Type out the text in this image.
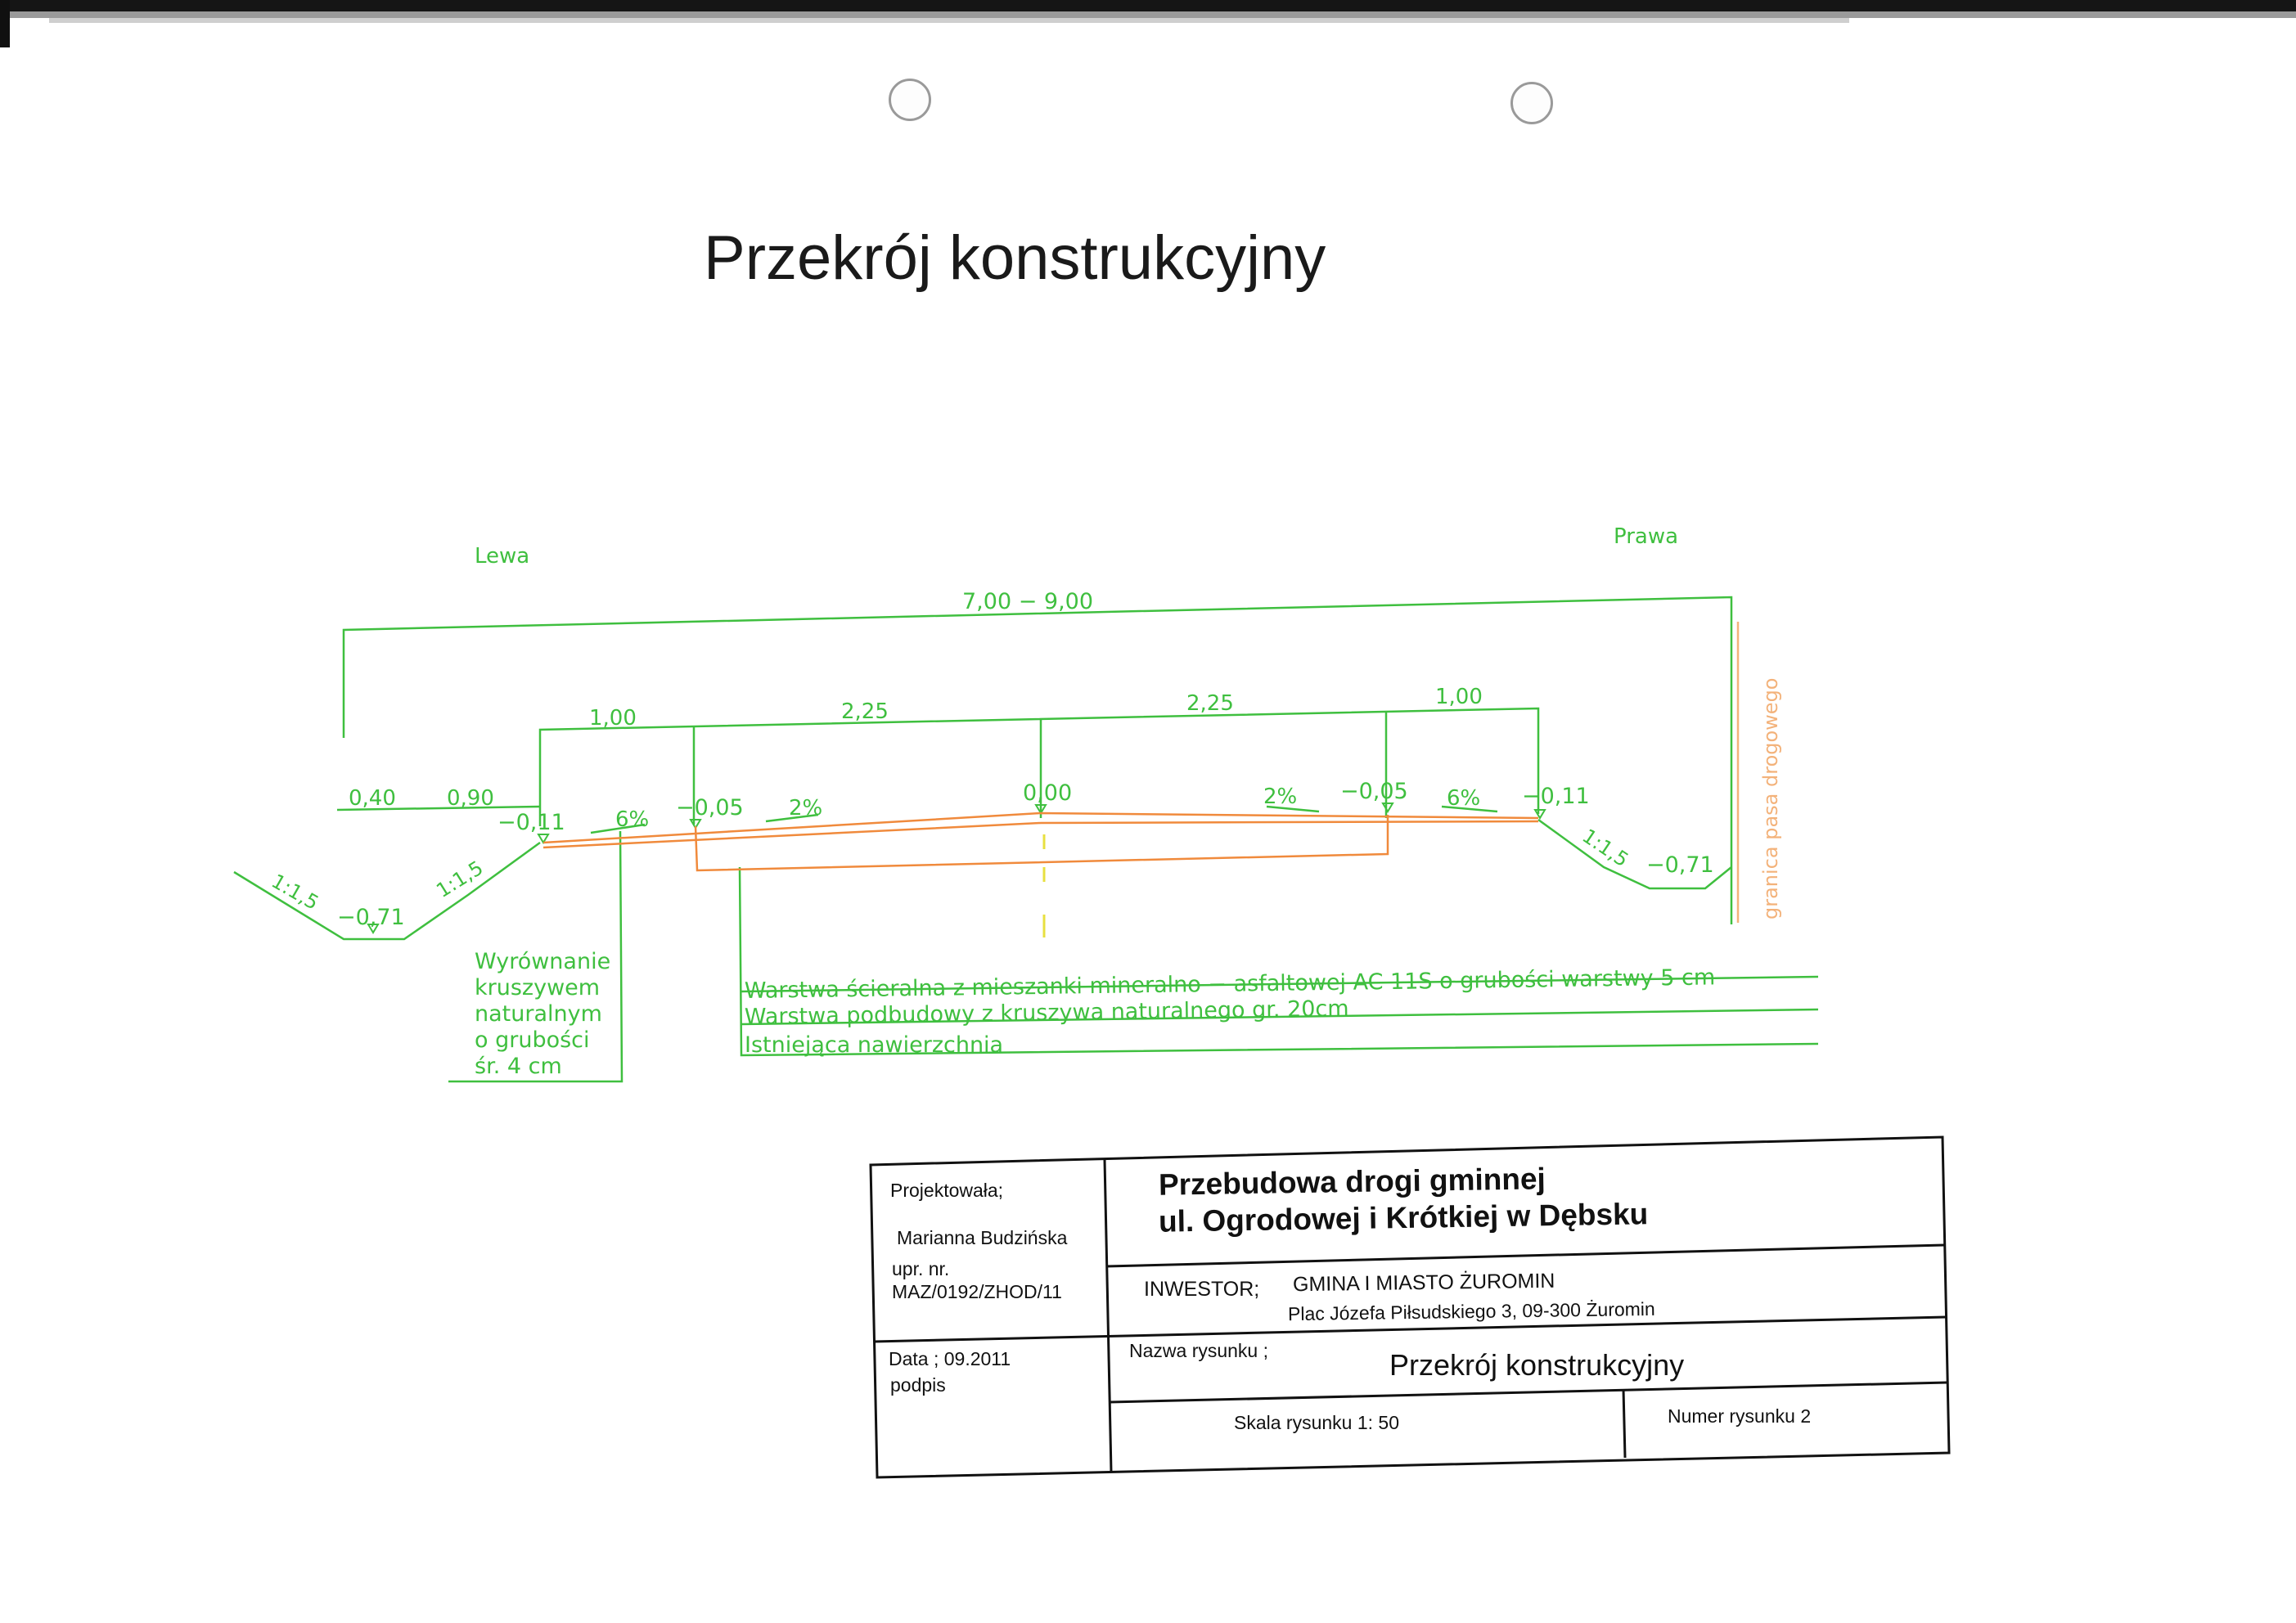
Przekrój konstrukcyjny
Lewa
Prawa
7,00 − 9,00
1,00	2,25	2,25	1,00
0,40 0,90
−0,11
−0,05
0,00	−0,05	−0,11
−0,71
−0,71
6%	2%	2%	6%
1:1,5	1:1,5
1:1,5	granica pasa drogowego
Wyrównanie
kruszywem
naturalnym
o grubości
śr. 4 cm
Warstwa ścieralna z mieszanki mineralno − asfaltowej AC 11S o grubości warstwy 5 cm
Warstwa podbudowy z kruszywa naturalnego gr. 20cm
Istniejąca nawierzchnia
Projektowała;
Marianna Budzińska
upr. nr.
MAZ/0192/ZHOD/11
Przebudowa drogi gminnej
ul. Ogrodowej i Krótkiej w Dębsku
INWESTOR; GMINA I MIASTO ŻUROMIN
Plac Józefa Piłsudskiego 3, 09-300 Żuromin
Data ; 09.2011
podpis
Nazwa rysunku ;	Przekrój konstrukcyjny
Skala rysunku 1: 50	Numer rysunku 2
